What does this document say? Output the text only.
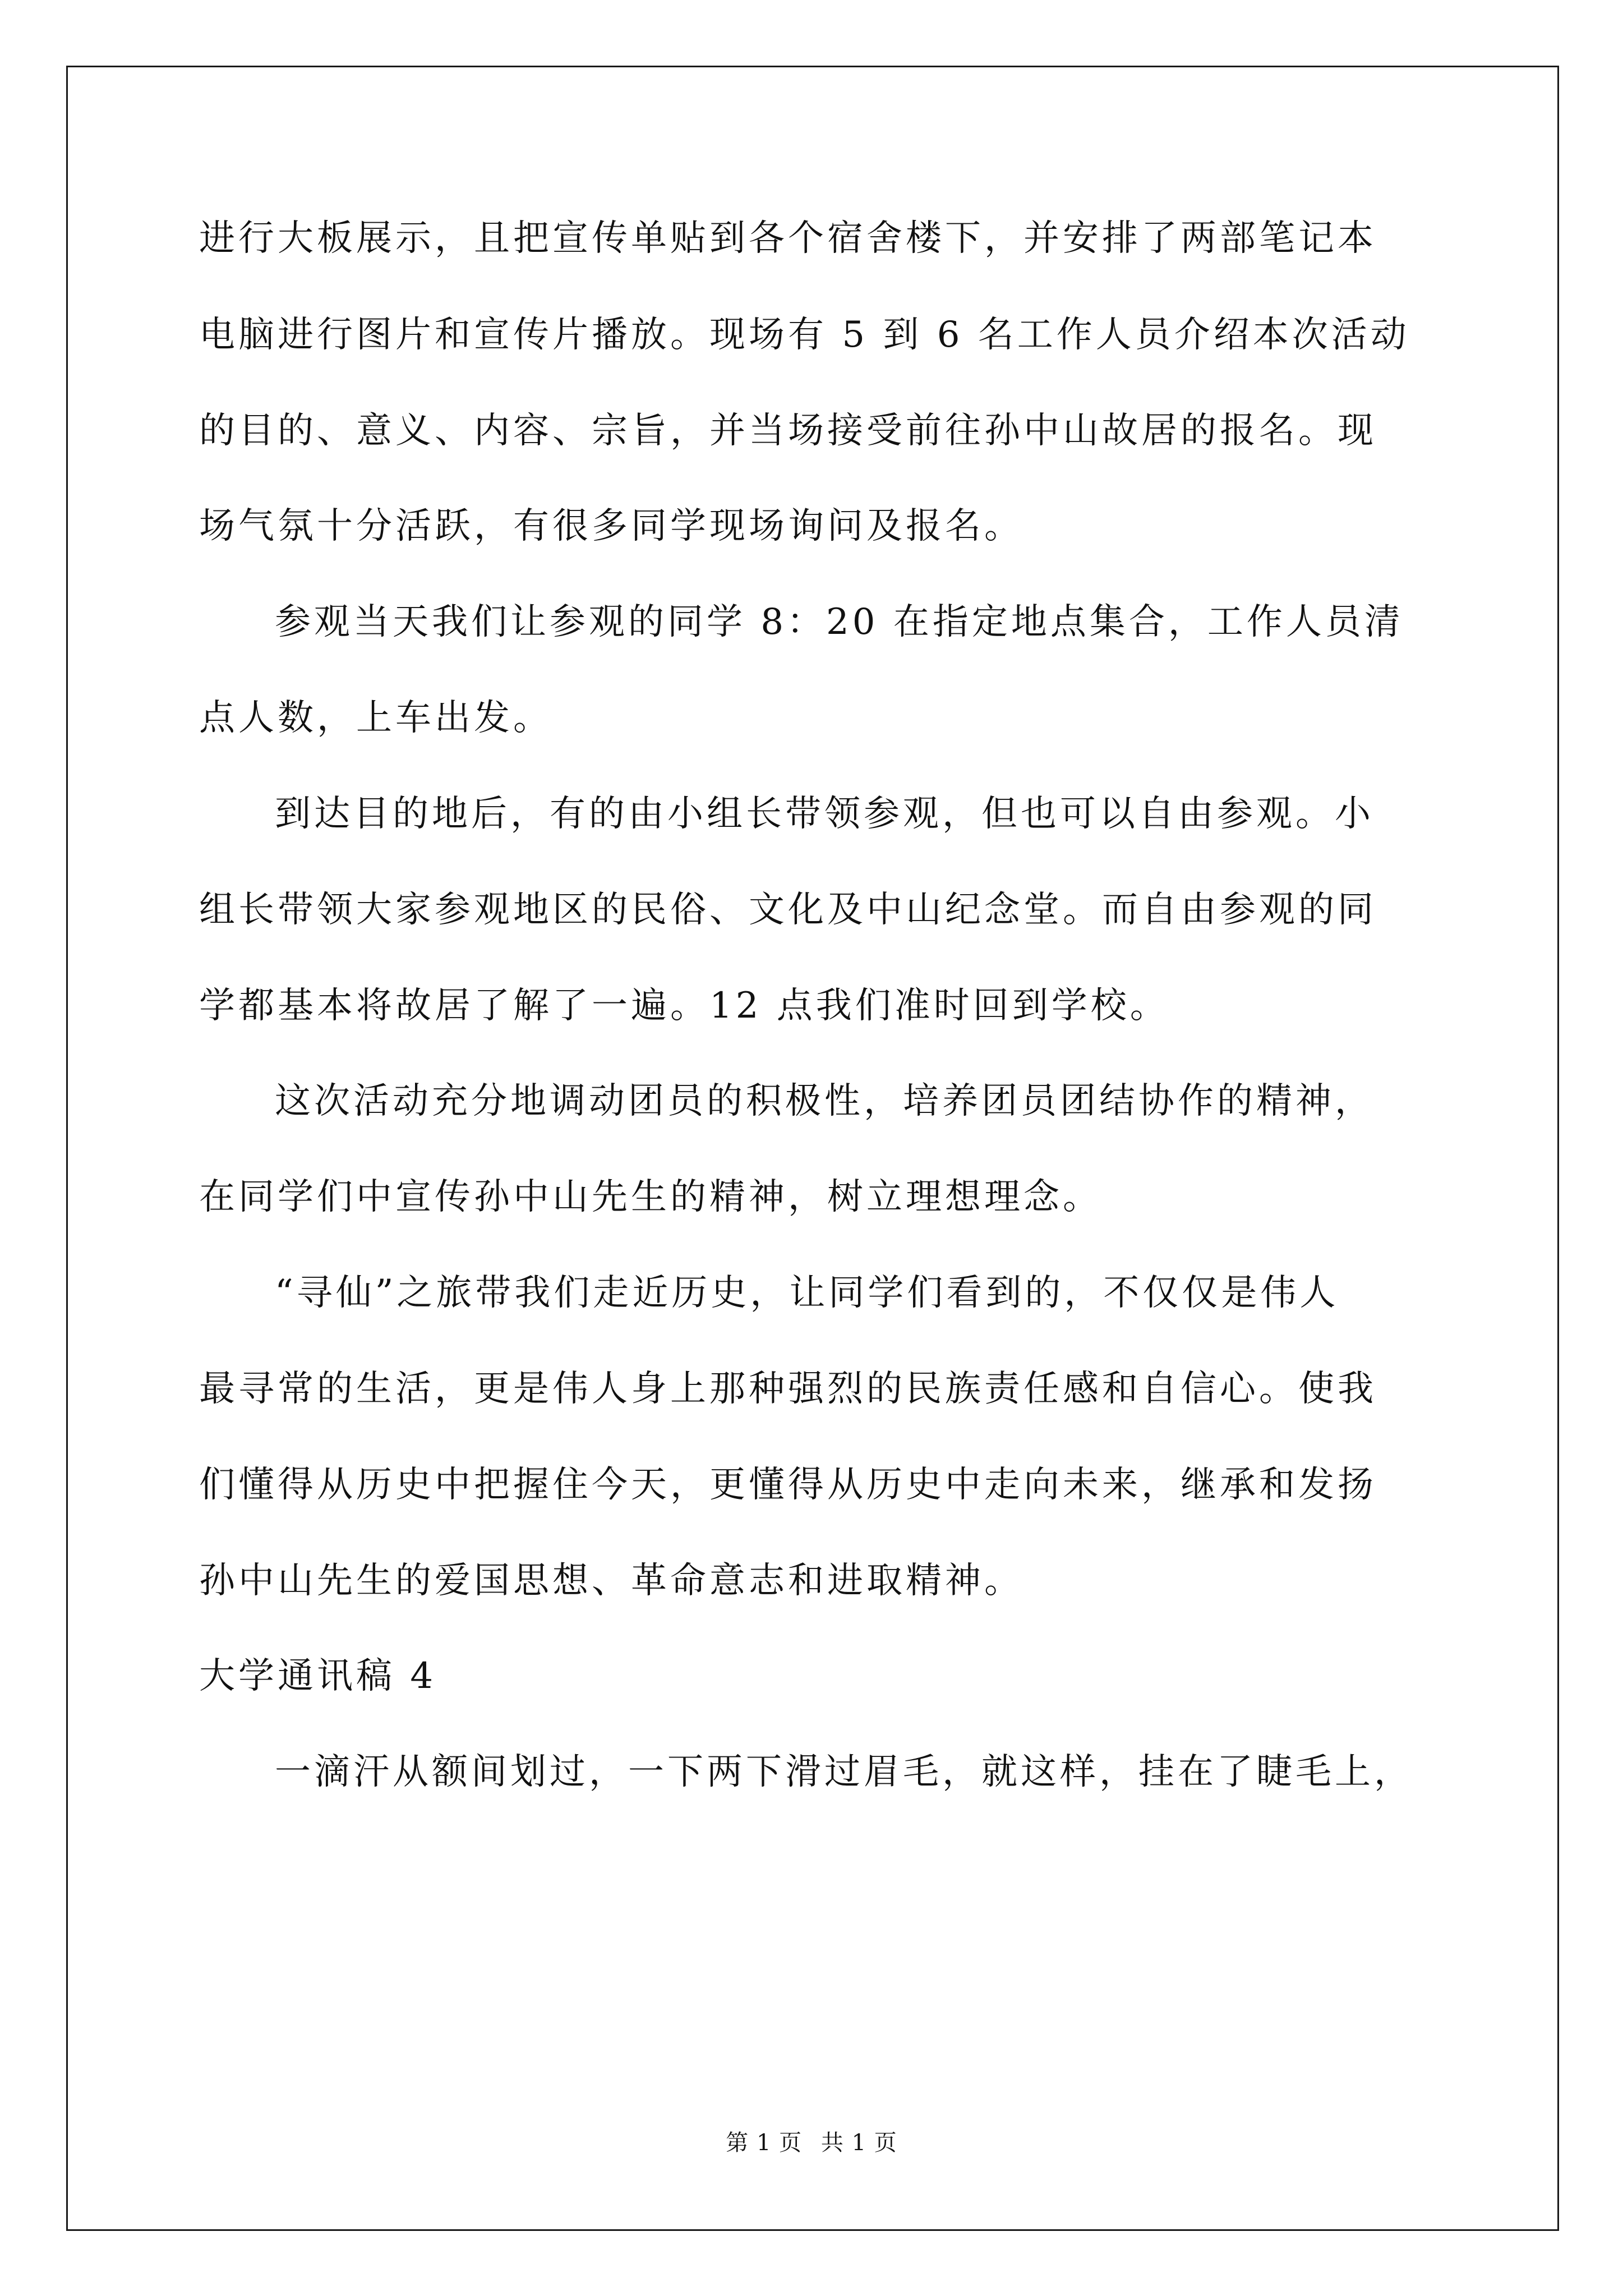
进行大板展示，且把宣传单贴到各个宿舍楼下，并安排了两部笔记本
电脑进行图片和宣传片播放。现场有 5 到 6 名工作人员介绍本次活动
的目的、意义、内容、宗旨，并当场接受前往孙中山故居的报名。现
场气氛十分活跃，有很多同学现场询问及报名。
参观当天我们让参观的同学 8：20 在指定地点集合，工作人员清
点人数，上车出发。
到达目的地后，有的由小组长带领参观，但也可以自由参观。小
组长带领大家参观地区的民俗、文化及中山纪念堂。而自由参观的同
学都基本将故居了解了一遍。12 点我们准时回到学校。
这次活动充分地调动团员的积极性，培养团员团结协作的精神，
在同学们中宣传孙中山先生的精神，树立理想理念。
“寻仙”之旅带我们走近历史，让同学们看到的，不仅仅是伟人
最寻常的生活，更是伟人身上那种强烈的民族责任感和自信心。使我
们懂得从历史中把握住今天，更懂得从历史中走向未来，继承和发扬
孙中山先生的爱国思想、革命意志和进取精神。
大学通讯稿 4
一滴汗从额间划过，一下两下滑过眉毛，就这样，挂在了睫毛上，
第 1 页 共 1 页
